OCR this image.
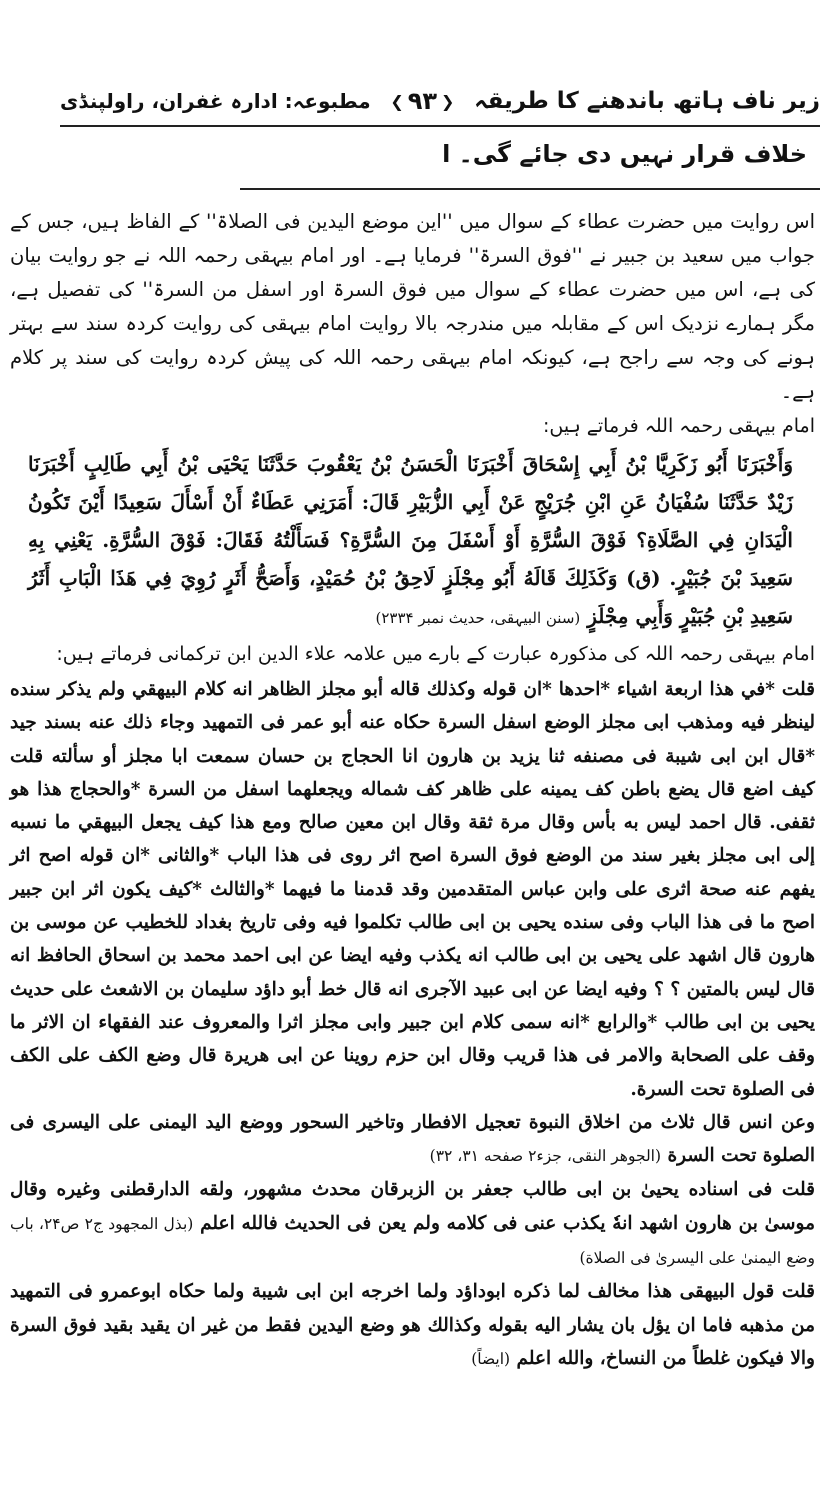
زیر ناف ہاتھ باندھنے کا طریقہ
❮
۹۳
❯
مطبوعہ: ادارہ غفران، راولپنڈی
خلاف قرار نہیں دی جائے گی۔ ا

اس روایت میں حضرت عطاء کے سوال میں ''این موضع الیدین فی الصلاۃ'' کے الفاظ ہیں، جس کے جواب میں سعید بن جبیر نے ''فوق السرۃ'' فرمایا ہے۔ اور امام بیہقی رحمہ اللہ نے جو روایت بیان کی ہے، اس میں حضرت عطاء کے سوال میں فوق السرۃ اور اسفل من السرۃ'' کی تفصیل ہے، مگر ہمارے نزدیک اس کے مقابلہ میں مندرجہ بالا روایت امام بیہقی کی روایت کردہ سند سے بہتر ہونے کی وجہ سے راجح ہے، کیونکہ امام بیہقی رحمہ اللہ کی پیش کردہ روایت کی سند پر کلام ہے۔

امام بیہقی رحمہ اللہ فرماتے ہیں:

وَأَخْبَرَنَا أَبُو زَكَرِيَّا بْنُ أَبِي إِسْحَاقَ أَخْبَرَنَا الْحَسَنُ بْنُ يَعْقُوبَ حَدَّثَنَا يَحْيَى بْنُ أَبِي طَالِبٍ أَخْبَرَنَا زَيْدٌ حَدَّثَنَا سُفْيَانُ عَنِ ابْنِ جُرَيْجٍ عَنْ أَبِي الزُّبَيْرِ قَالَ: أَمَرَنِي عَطَاءٌ أَنْ أَسْأَلَ سَعِيدًا أَيْنَ تَكُونُ الْيَدَانِ فِي الصَّلَاةِ؟ فَوْقَ السُّرَّةِ أَوْ أَسْفَلَ مِنَ السُّرَّةِ؟ فَسَأَلْتُهُ فَقَالَ: فَوْقَ السُّرَّةِ. يَعْنِي بِهِ سَعِيدَ بْنَ جُبَيْرٍ. (ق) وَكَذَلِكَ قَالَهُ أَبُو مِجْلَزٍ لَاحِقُ بْنُ حُمَيْدٍ، وَأَصَحُّ أَثَرٍ رُوِيَ فِي هَذَا الْبَابِ أَثَرُ سَعِيدِ بْنِ جُبَيْرٍ وَأَبِي مِجْلَزٍ (سنن البیہقی، حدیث نمبر ۲۳۳۴)

امام بیہقی رحمہ اللہ کی مذکورہ عبارت کے بارے میں علامہ علاء الدین ابن ترکمانی فرماتے ہیں:

قلت *في هذا اربعة اشياء *احدها *ان قوله وكذلك قاله أبو مجلز الظاهر انه كلام البيهقي ولم يذكر سنده لينظر فيه ومذهب ابى مجلز الوضع اسفل السرة حكاه عنه أبو عمر فى التمهيد وجاء ذلك عنه بسند جيد *قال ابن ابى شيبة فى مصنفه ثنا يزيد بن هارون انا الحجاج بن حسان سمعت ابا مجلز أو سألته قلت كيف اضع قال يضع باطن كف يمينه على ظاهر كف شماله ويجعلهما اسفل من السرة *والحجاج هذا هو ثقفى. قال احمد ليس به بأس وقال مرة ثقة وقال ابن معين صالح ومع هذا كيف يجعل البيهقي ما نسبه إلى ابى مجلز بغير سند من الوضع فوق السرة اصح اثر روى فى هذا الباب *والثانى *ان قوله اصح اثر يفهم عنه صحة اثرى على وابن عباس المتقدمين وقد قدمنا ما فيهما *والثالث *كيف يكون اثر ابن جبير اصح ما فى هذا الباب وفى سنده يحيى بن ابى طالب تكلموا فيه وفى تاريخ بغداد للخطيب عن موسى بن هارون قال اشهد على يحيى بن ابى طالب انه يكذب وفيه ايضا عن ابى احمد محمد بن اسحاق الحافظ انه قال ليس بالمتين ؟ ؟ وفيه ايضا عن ابى عبيد الآجرى انه قال خط أبو داؤد سليمان بن الاشعث على حديث يحيى بن ابى طالب *والرابع *انه سمى كلام ابن جبير وابى مجلز اثرا والمعروف عند الفقهاء ان الاثر ما وقف على الصحابة والامر فى هذا قريب وقال ابن حزم روينا عن ابى هريرة قال وضع الكف على الكف فى الصلوة تحت السرة.

وعن انس قال ثلاث من اخلاق النبوة تعجيل الافطار وتاخير السحور ووضع اليد اليمنى على اليسرى فى الصلوة تحت السرة (الجوهر النقى، جزء۲ صفحه ۳۱، ۳۲)

قلت فى اسناده يحيىٰ بن ابى طالب جعفر بن الزبرقان محدث مشهور، ولقه الدارقطنى وغيره وقال موسىٰ بن هارون اشهد انهٗ يكذب عنى فى كلامه ولم يعن فى الحديث فالله اعلم (بذل المجهود ج۲ ص۲۴، باب وضع اليمنىٰ على اليسرىٰ فى الصلاة)

قلت قول البيهقى هذا مخالف لما ذكره ابوداؤد ولما اخرجه ابن ابى شيبة ولما حكاه ابوعمرو فى التمهيد من مذهبه فاما ان يؤل بان يشار اليه بقوله وكذالك هو وضع اليدين فقط من غير ان يقيد بقيد فوق السرة والا فيكون غلطاً من النساخ، والله اعلم (ايضاً)
